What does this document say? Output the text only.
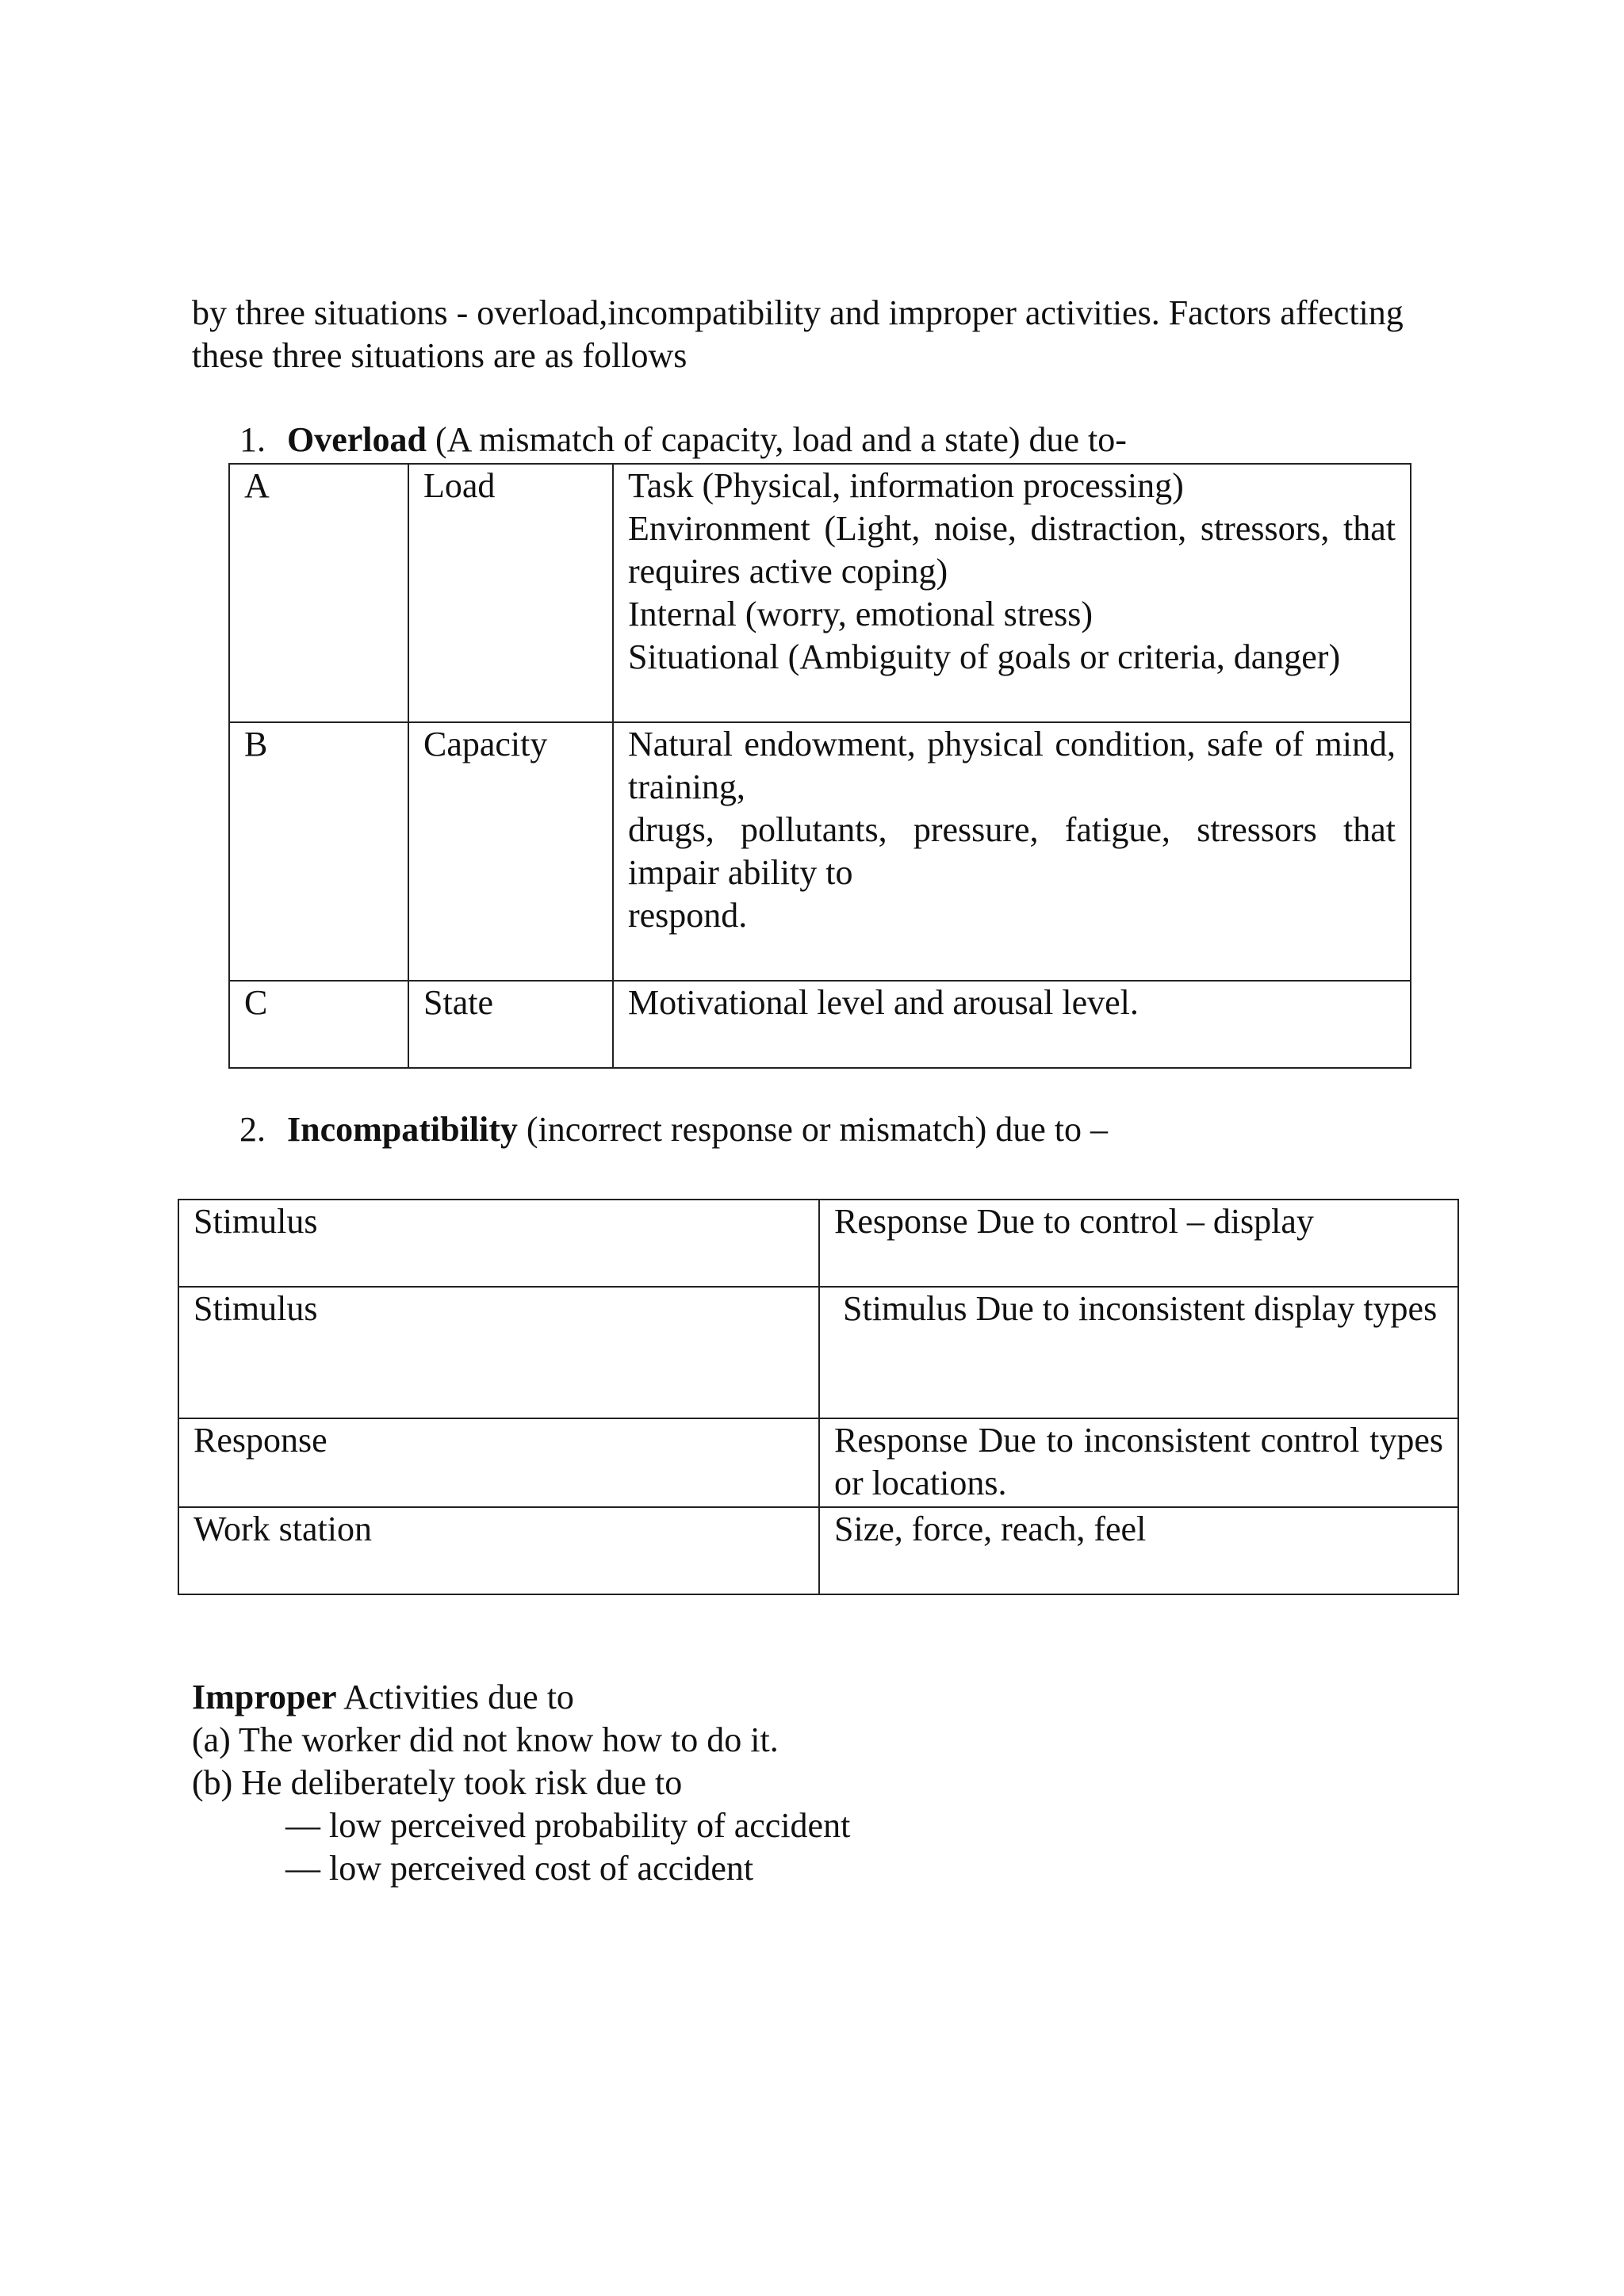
by three situations - overload,incompatibility and improper activities. Factors affecting
these three situations are as follows
1. Overload (A mismatch of capacity, load and a state) due to-
A	Load	Task (Physical, information processing)
Environment (Light, noise, distraction, stressors, that requires active coping)
Internal (worry, emotional stress)
Situational (Ambiguity of goals or criteria, danger)

B	Capacity	Natural endowment, physical condition, safe of mind, training,
drugs, pollutants, pressure, fatigue, stressors that impair ability to
respond.

C	State	Motivational level and arousal level.
2. Incompatibility (incorrect response or mismatch) due to –
Stimulus	Response Due to control – display
Stimulus	Stimulus Due to inconsistent display types
Response	Response Due to inconsistent control types or locations.
Work station	Size, force, reach, feel
Improper Activities due to
(a) The worker did not know how to do it.
(b) He deliberately took risk due to
— low perceived probability of accident
— low perceived cost of accident
